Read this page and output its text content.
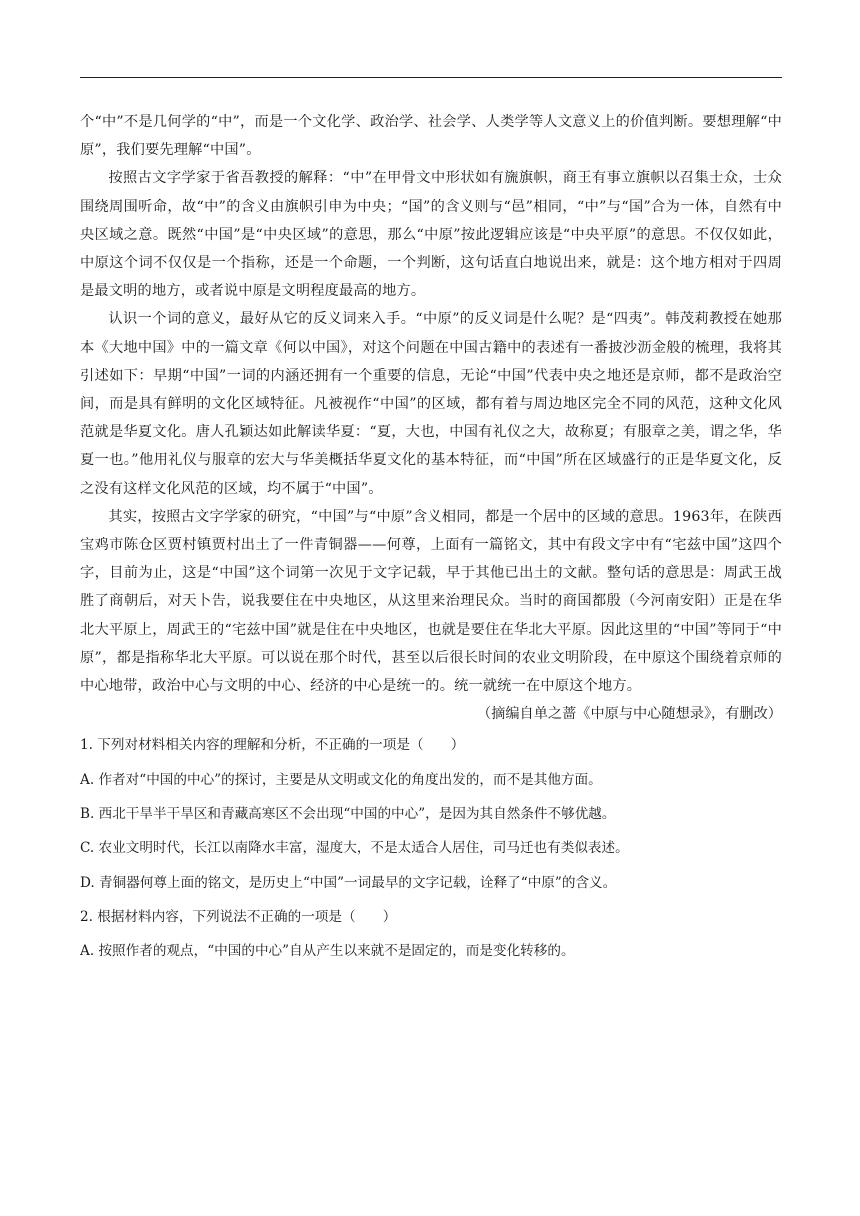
个“中”不是几何学的“中”，而是一个文化学、政治学、社会学、人类学等人文意义上的价值判断。要想理解“中原”，我们要先理解“中国”。

按照古文字学家于省吾教授的解释：“中”在甲骨文中形状如有旒旗帜，商王有事立旗帜以召集士众，士众围绕周围听命，故“中”的含义由旗帜引申为中央；“国”的含义则与“邑”相同，“中”与“国”合为一体，自然有中央区域之意。既然“中国”是“中央区域”的意思，那么“中原”按此逻辑应该是“中央平原”的意思。不仅仅如此，中原这个词不仅仅是一个指称，还是一个命题，一个判断，这句话直白地说出来，就是：这个地方相对于四周是最文明的地方，或者说中原是文明程度最高的地方。

认识一个词的意义，最好从它的反义词来入手。“中原”的反义词是什么呢？是“四夷”。韩茂莉教授在她那本《大地中国》中的一篇文章《何以中国》，对这个问题在中国古籍中的表述有一番披沙沥金般的梳理，我将其引述如下：早期“中国”一词的内涵还拥有一个重要的信息，无论“中国”代表中央之地还是京师，都不是政治空间，而是具有鲜明的文化区域特征。凡被视作“中国”的区域，都有着与周边地区完全不同的风范，这种文化风范就是华夏文化。唐人孔颖达如此解读华夏：“夏，大也，中国有礼仪之大，故称夏；有服章之美，谓之华，华夏一也。”他用礼仪与服章的宏大与华美概括华夏文化的基本特征，而“中国”所在区域盛行的正是华夏文化，反之没有这样文化风范的区域，均不属于“中国”。

其实，按照古文字学家的研究，“中国”与“中原”含义相同，都是一个居中的区域的意思。1963年，在陕西宝鸡市陈仓区贾村镇贾村出土了一件青铜器——何尊，上面有一篇铭文，其中有段文字中有“宅兹中国”这四个字，目前为止，这是“中国”这个词第一次见于文字记载，早于其他已出土的文献。整句话的意思是：周武王战胜了商朝后，对天卜告，说我要住在中央地区，从这里来治理民众。当时的商国都殷（今河南安阳）正是在华北大平原上，周武王的“宅兹中国”就是住在中央地区，也就是要住在华北大平原。因此这里的“中国”等同于“中原”，都是指称华北大平原。可以说在那个时代，甚至以后很长时间的农业文明阶段，在中原这个围绕着京师的中心地带，政治中心与文明的中心、经济的中心是统一的。统一就统一在中原这个地方。

（摘编自单之蔷《中原与中心随想录》，有删改）

1. 下列对材料相关内容的理解和分析，不正确的一项是（　　）

A. 作者对“中国的中心”的探讨，主要是从文明或文化的角度出发的，而不是其他方面。

B. 西北干旱半干旱区和青藏高寒区不会出现“中国的中心”，是因为其自然条件不够优越。

C. 农业文明时代，长江以南降水丰富，湿度大，不是太适合人居住，司马迁也有类似表述。

D. 青铜器何尊上面的铭文，是历史上“中国”一词最早的文字记载，诠释了“中原”的含义。

2. 根据材料内容，下列说法不正确的一项是（　　）

A. 按照作者的观点，“中国的中心”自从产生以来就不是固定的，而是变化转移的。
